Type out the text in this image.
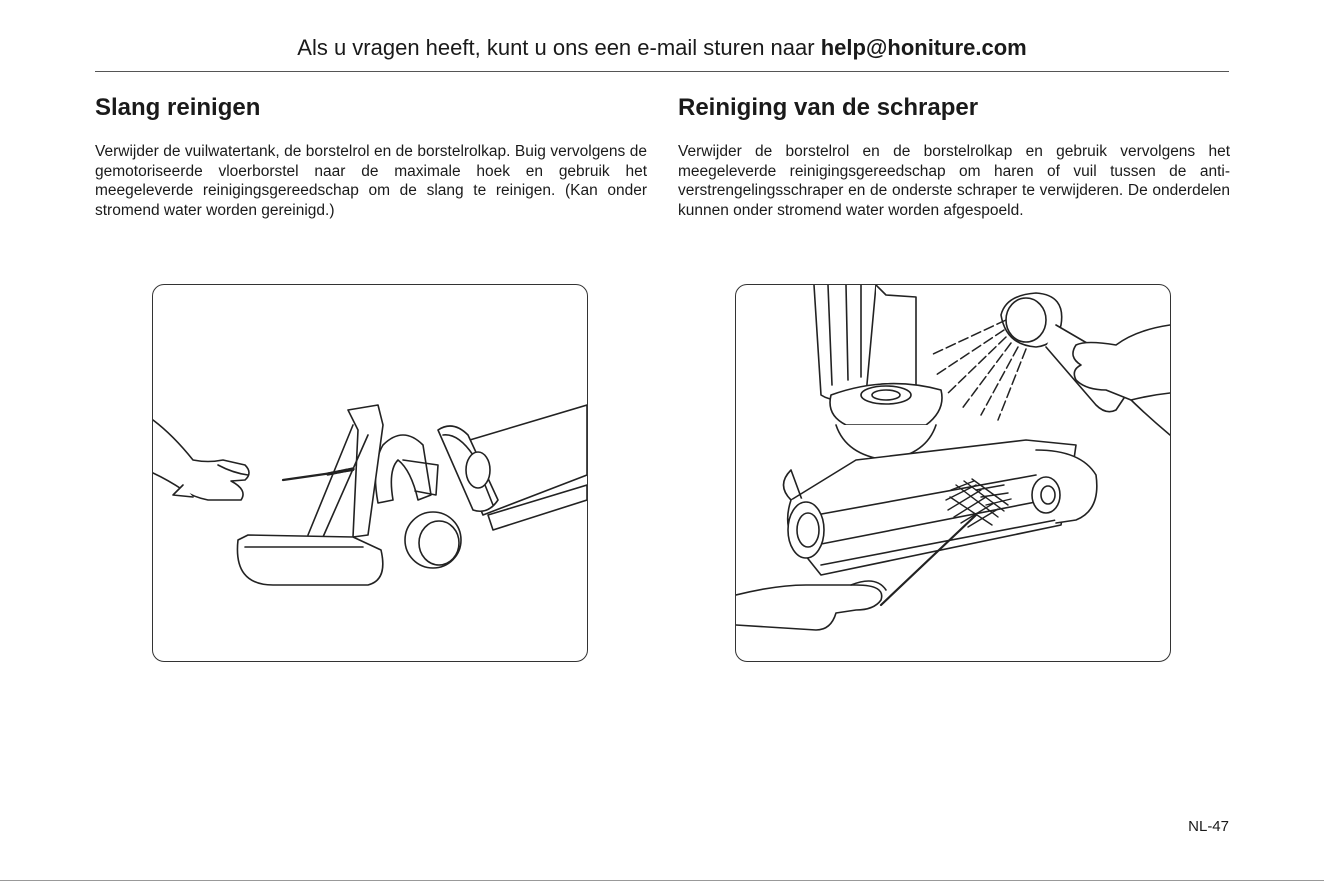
Als u vragen heeft, kunt u ons een e-mail sturen naar help@honiture.com
Slang reinigen

Verwijder de vuilwatertank, de borstelrol en de borstelrolkap. Buig vervolgens de gemotoriseerde vloerborstel naar de maximale hoek en gebruik het meegeleverde reinigingsgereedschap om de slang te reinigen. (Kan onder stromend water worden gereinigd.)

Reiniging van de schraper

Verwijder de borstelrol en de borstelrolkap en gebruik vervolgens het meegeleverde reinigingsgereedschap om haren of vuil tussen de anti-verstrengelingsschraper en de onderste schraper te verwijderen. De onderdelen kunnen onder stromend water worden afgespoeld.

NL-47
